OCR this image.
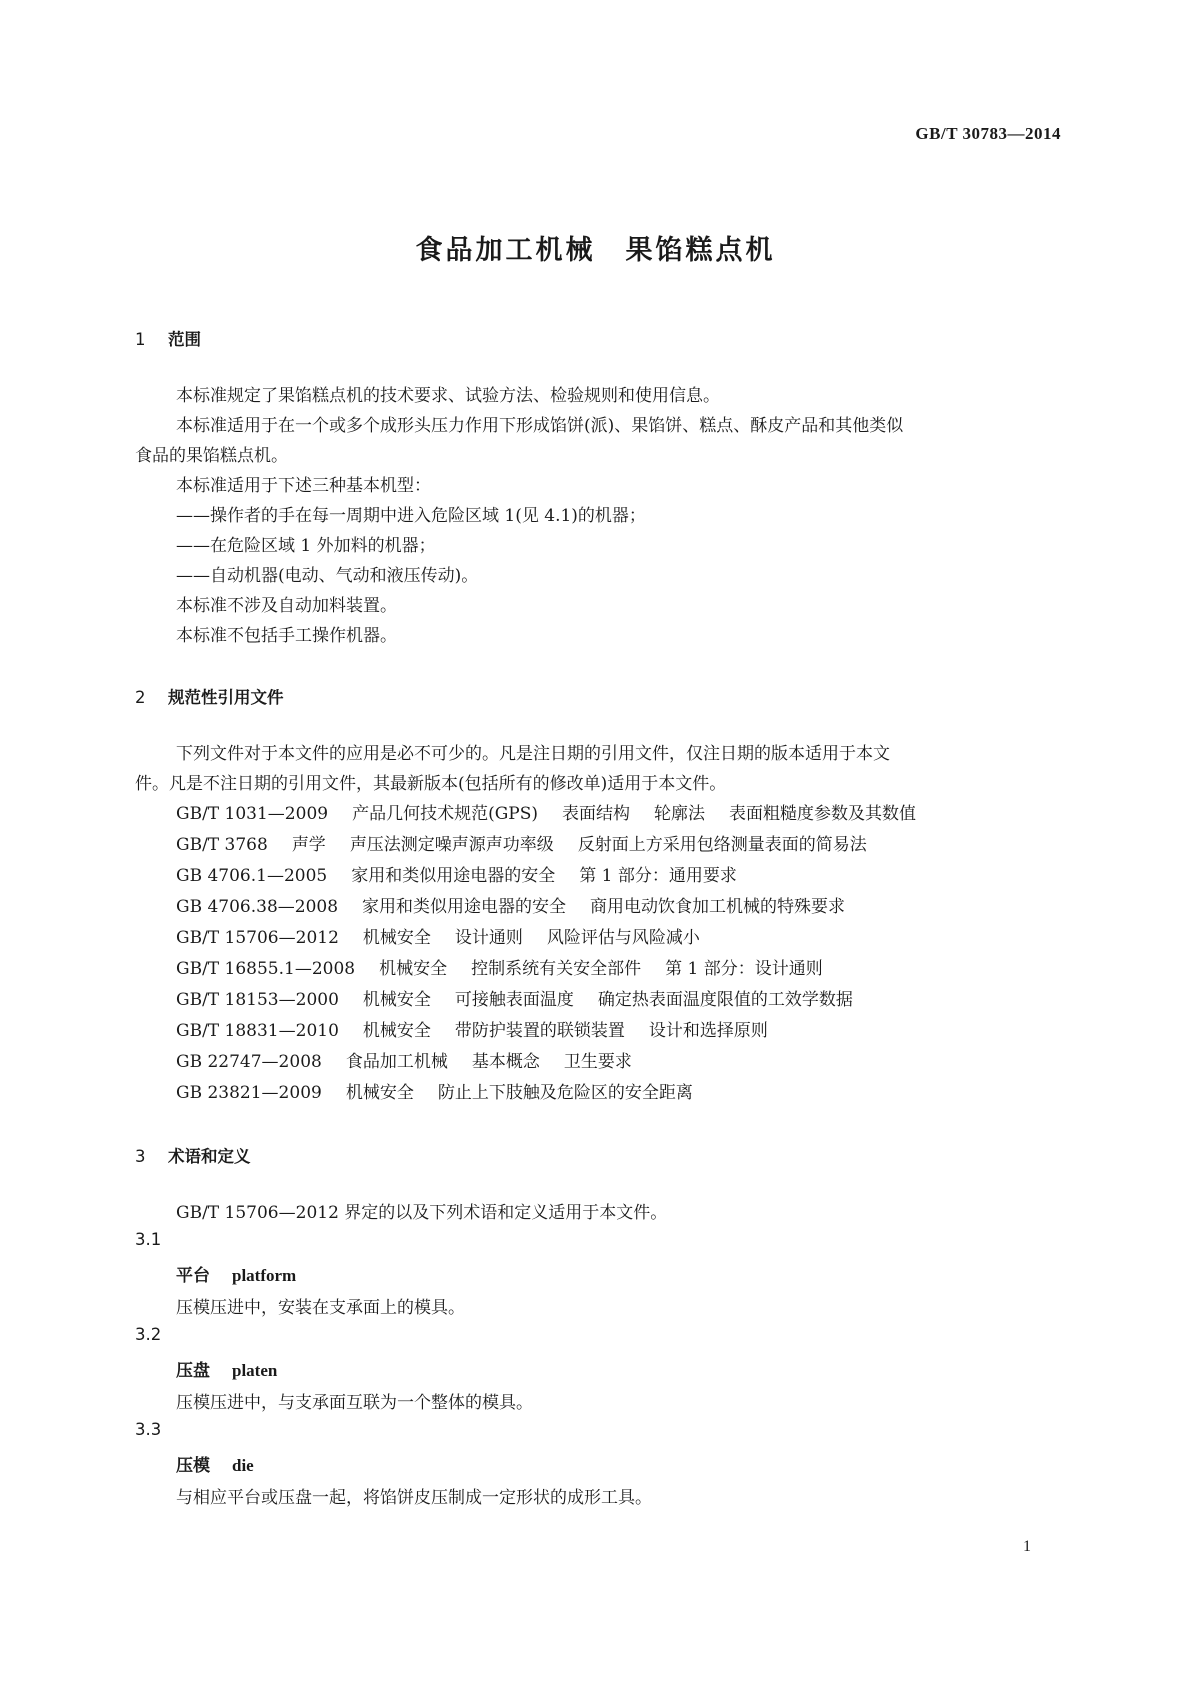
GB/T 30783—2014
食品加工机械　果馅糕点机
1 范围
本标准规定了果馅糕点机的技术要求、试验方法、检验规则和使用信息。
本标准适用于在一个或多个成形头压力作用下形成馅饼(派)、果馅饼、糕点、酥皮产品和其他类似
食品的果馅糕点机。
本标准适用于下述三种基本机型：
——操作者的手在每一周期中进入危险区域 1(见 4.1)的机器；
——在危险区域 1 外加料的机器；
——自动机器(电动、气动和液压传动)。
本标准不涉及自动加料装置。
本标准不包括手工操作机器。
2 规范性引用文件
下列文件对于本文件的应用是必不可少的。凡是注日期的引用文件，仅注日期的版本适用于本文
件。凡是不注日期的引用文件，其最新版本(包括所有的修改单)适用于本文件。
GB/T 1031—2009 产品几何技术规范(GPS) 表面结构 轮廓法 表面粗糙度参数及其数值
GB/T 3768 声学 声压法测定噪声源声功率级 反射面上方采用包络测量表面的简易法
GB 4706.1—2005 家用和类似用途电器的安全 第 1 部分：通用要求
GB 4706.38—2008 家用和类似用途电器的安全 商用电动饮食加工机械的特殊要求
GB/T 15706—2012 机械安全 设计通则 风险评估与风险减小
GB/T 16855.1—2008 机械安全 控制系统有关安全部件 第 1 部分：设计通则
GB/T 18153—2000 机械安全 可接触表面温度 确定热表面温度限值的工效学数据
GB/T 18831—2010 机械安全 带防护装置的联锁装置 设计和选择原则
GB 22747—2008 食品加工机械 基本概念 卫生要求
GB 23821—2009 机械安全 防止上下肢触及危险区的安全距离
3 术语和定义
GB/T 15706—2012 界定的以及下列术语和定义适用于本文件。
3.1
平台 platform
压模压进中，安装在支承面上的模具。
3.2
压盘 platen
压模压进中，与支承面互联为一个整体的模具。
3.3
压模 die
与相应平台或压盘一起，将馅饼皮压制成一定形状的成形工具。
1
